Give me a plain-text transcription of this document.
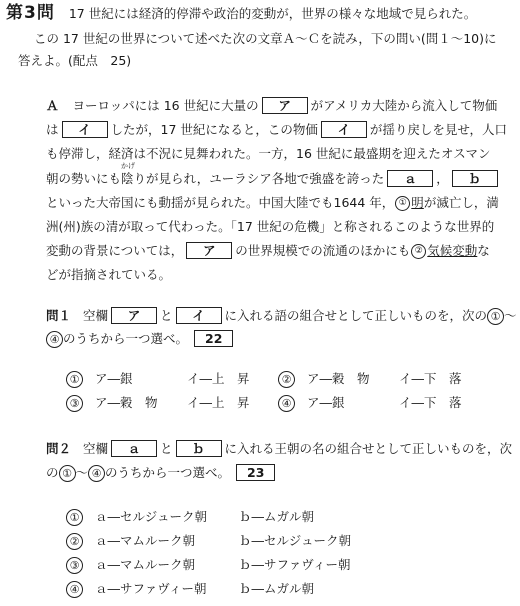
第3問 17 世紀には経済的停滞や政治的変動が，世界の様々な地域で見られた。
この 17 世紀の世界について述べた次の文章Ａ～Ｃを読み，下の問い(問１～10)に
答えよ。(配点　25)
Ａ ヨーロッパには 16 世紀に大量の ア がアメリカ大陸から流入して物価
は イ したが，17 世紀になると，この物価 イ が揺り戻しを見せ，人口
も停滞し，経済は不況に見舞われた。一方，16 世紀に最盛期を迎えたオスマン
朝の勢いにも
かげ
陰りが見られ，ユーラシア各地で強盛を誇った ａ ， ｂ
といった大帝国にも動揺が見られた。中国大陸でも1644 年， ① 明が滅亡し，満
洲(州)族の清が取って代わった。「17 世紀の危機」と称されるこのような世界的
変動の背景については， ア の世界規模での流通のほかにも ② 気候変動な
どが指摘されている。
問１ 空欄 ア と イ に入れる語の組合せとして正しいものを，次の ① ～
④ のうちから一つ選べ。 22
① ア―銀	イ―上　昇	② ア―穀　物 イ―下　落
③ ア―穀　物 イ―上　昇	④ ア―銀	イ―下　落
問２ 空欄 ａ と ｂ に入れる王朝の名の組合せとして正しいものを，次
の ① ～ ④ のうちから一つ選べ。 23
① ａ―セルジューク朝	ｂ―ムガル朝
② ａ―マムルーク朝	ｂ―セルジューク朝
③ ａ―マムルーク朝	ｂ―サファヴィー朝
④ ａ―サファヴィー朝	ｂ―ムガル朝
